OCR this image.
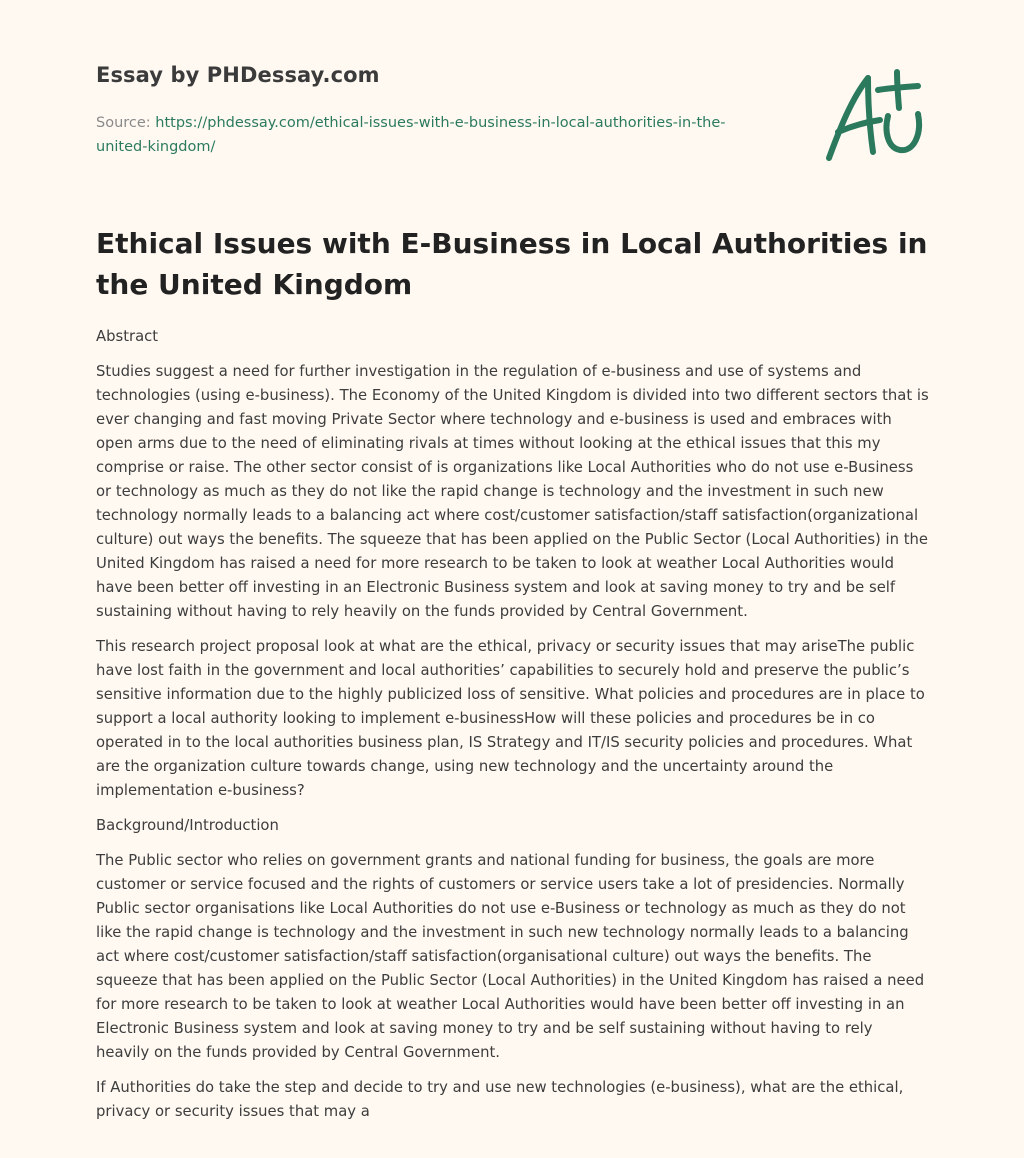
Essay by PHDessay.com
Source: https://phdessay.com/ethical-issues-with-e-business-in-local-authorities-in-the-united-kingdom/
Ethical Issues with E-Business in Local Authorities in the United Kingdom

Abstract

Studies suggest a need for further investigation in the regulation of e-business and use of systems and technologies (using e-business). The Economy of the United Kingdom is divided into two different sectors that is ever changing and fast moving Private Sector where technology and e-business is used and embraces with open arms due to the need of eliminating rivals at times without looking at the ethical issues that this my comprise or raise. The other sector consist of is organizations like Local Authorities who do not use e-Business or technology as much as they do not like the rapid change is technology and the investment in such new technology normally leads to a balancing act where cost/customer satisfaction/staff satisfaction(organizational culture) out ways the benefits. The squeeze that has been applied on the Public Sector (Local Authorities) in the United Kingdom has raised a need for more research to be taken to look at weather Local Authorities would have been better off investing in an Electronic Business system and look at saving money to try and be self sustaining without having to rely heavily on the funds provided by Central Government.

This research project proposal look at what are the ethical, privacy or security issues that may ariseThe public have lost faith in the government and local authorities’ capabilities to securely hold and preserve the public’s sensitive information due to the highly publicized loss of sensitive. What policies and procedures are in place to support a local authority looking to implement e-businessHow will these policies and procedures be in co operated in to the local authorities business plan, IS Strategy and IT/IS security policies and procedures. What are the organization culture towards change, using new technology and the uncertainty around the implementation e-business?

Background/Introduction

The Public sector who relies on government grants and national funding for business, the goals are more customer or service focused and the rights of customers or service users take a lot of presidencies. Normally Public sector organisations like Local Authorities do not use e-Business or technology as much as they do not like the rapid change is technology and the investment in such new technology normally leads to a balancing act where cost/customer satisfaction/staff satisfaction(organisational culture) out ways the benefits. The squeeze that has been applied on the Public Sector (Local Authorities) in the United Kingdom has raised a need for more research to be taken to look at weather Local Authorities would have been better off investing in an Electronic Business system and look at saving money to try and be self sustaining without having to rely heavily on the funds provided by Central Government.

If Authorities do take the step and decide to try and use new technologies (e-business), what are the ethical, privacy or security issues that may a
